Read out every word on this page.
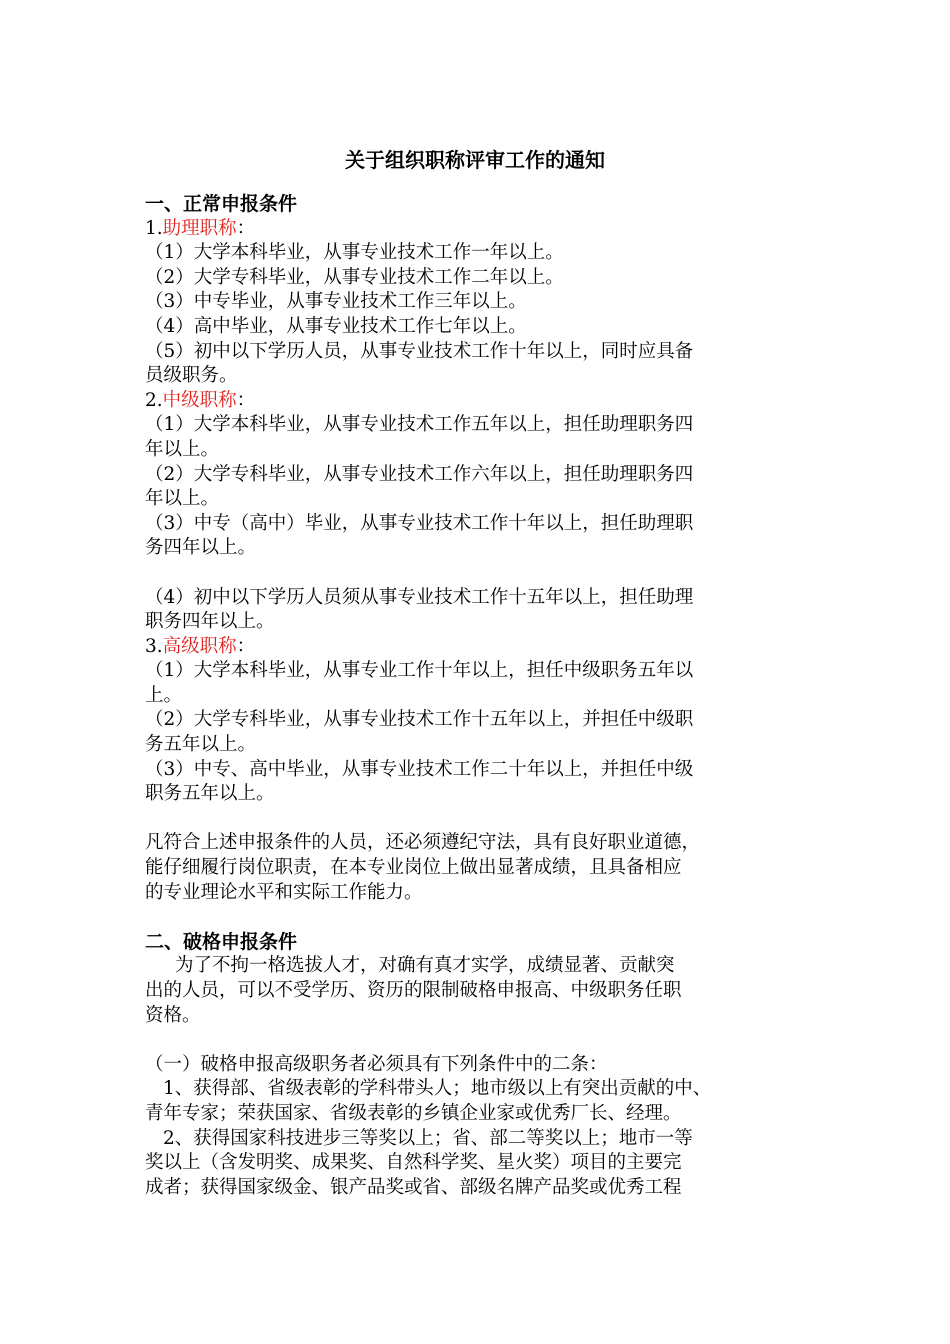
关于组织职称评审工作的通知
一、正常申报条件
1.助理职称：
（1）大学本科毕业，从事专业技术工作一年以上。
（2）大学专科毕业，从事专业技术工作二年以上。
（3）中专毕业，从事专业技术工作三年以上。
（4）高中毕业，从事专业技术工作七年以上。
（5）初中以下学历人员，从事专业技术工作十年以上，同时应具备
员级职务。
2.中级职称：
（1）大学本科毕业，从事专业技术工作五年以上，担任助理职务四
年以上。
（2）大学专科毕业，从事专业技术工作六年以上，担任助理职务四
年以上。
（3）中专（高中）毕业，从事专业技术工作十年以上，担任助理职
务四年以上。
（4）初中以下学历人员须从事专业技术工作十五年以上，担任助理
职务四年以上。
3.高级职称：
（1）大学本科毕业，从事专业工作十年以上，担任中级职务五年以
上。
（2）大学专科毕业，从事专业技术工作十五年以上，并担任中级职
务五年以上。
（3）中专、高中毕业，从事专业技术工作二十年以上，并担任中级
职务五年以上。
凡符合上述申报条件的人员，还必须遵纪守法，具有良好职业道德，
能仔细履行岗位职责，在本专业岗位上做出显著成绩，且具备相应
的专业理论水平和实际工作能力。
二、破格申报条件
为了不拘一格选拔人才，对确有真才实学，成绩显著、贡献突
出的人员，可以不受学历、资历的限制破格申报高、中级职务任职
资格。
（一）破格申报高级职务者必须具有下列条件中的二条：
1、获得部、省级表彰的学科带头人；地市级以上有突出贡献的中、
青年专家；荣获国家、省级表彰的乡镇企业家或优秀厂长、经理。
2、获得国家科技进步三等奖以上；省、部二等奖以上；地市一等
奖以上（含发明奖、成果奖、自然科学奖、星火奖）项目的主要完
成者；获得国家级金、银产品奖或省、部级名牌产品奖或优秀工程
